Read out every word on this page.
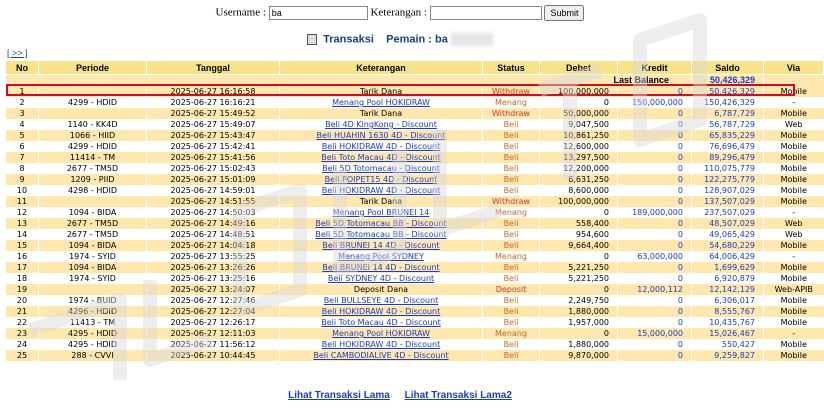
Username : ba	Keterangan :	Submit
Transaksi Pemain : ba
[ >> ]
No	Periode	Tanggal	Keterangan	Status	Debet	Kredit	Saldo	Via
Last Balance							50,426,329	
1		2025-06-27 16:16:58	Tarik Dana	Withdraw	100,000,000	0	50,426,329	Mobile
2	4299 - HDID	2025-06-27 16:16:21	Menang Pool HOKIDRAW	Menang	0	150,000,000	150,426,329	-
3		2025-06-27 15:49:52	Tarik Dana	Withdraw	50,000,000	0	6,787,729	Mobile
4	1140 - KK4D	2025-06-27 15:49:07	Beli 4D KingKong - Discount	Beli	9,047,500	0	56,787,729	Web
5	1066 - HIID	2025-06-27 15:43:47	Beli HUAHIN 1630 4D - Discount	Beli	10,861,250	0	65,835,229	Mobile
6	4299 - HDID	2025-06-27 15:42:41	Beli HOKIDRAW 4D - Discount	Beli	12,600,000	0	76,696,479	Mobile
7	11414 - TM	2025-06-27 15:41:56	Beli Toto Macau 4D - Discount	Beli	13,297,500	0	89,296,479	Mobile
8	2677 - TM5D	2025-06-27 15:02:43	Beli 5D Totomacau - Discount	Beli	12,200,000	0	110,075,779	Mobile
9	1209 - PIID	2025-06-27 15:01:09	Beli POIPET15 4D - Discount	Beli	6,631,250	0	122,275,779	Mobile
10	4298 - HDID	2025-06-27 14:59:01	Beli HOKIDRAW 4D - Discount	Beli	8,600,000	0	128,907,029	Mobile
11		2025-06-27 14:51:55	Tarik Dana	Withdraw	100,000,000	0	137,507,029	Mobile
12	1094 - BIDA	2025-06-27 14:50:03	Menang Pool BRUNEI 14	Menang	0	189,000,000	237,507,029	-
13	2677 - TM5D	2025-06-27 14:49:16	Beli 5D Totomacau BB - Discount	Beli	558,400	0	48,507,029	Web
14	2677 - TM5D	2025-06-27 14:48:51	Beli 5D Totomacau BB - Discount	Beli	954,600	0	49,065,429	Web
15	1094 - BIDA	2025-06-27 14:04:18	Beli BRUNEI 14 4D - Discount	Beli	9,664,400	0	54,680,229	Mobile
16	1974 - SYID	2025-06-27 13:55:25	Menang Pool SYDNEY	Menang	0	63,000,000	64,006,429	-
17	1094 - BIDA	2025-06-27 13:26:26	Beli BRUNEI 14 4D - Discount	Beli	5,221,250	0	1,699,629	Mobile
18	1974 - SYID	2025-06-27 13:25:16	Beli SYDNEY 4D - Discount	Beli	5,221,250	0	6,920,879	Mobile
19		2025-06-27 13:24:07	Deposit Dana	Deposit	0	12,000,112	12,142,129	Web-APIB
20	1974 - BUID	2025-06-27 12:27:46	Beli BULLSEYE 4D - Discount	Beli	2,249,750	0	6,306,017	Mobile
21	4296 - HDID	2025-06-27 12:27:04	Beli HOKIDRAW 4D - Discount	Beli	1,880,000	0	8,555,767	Mobile
22	11413 - TM	2025-06-27 12:26:17	Beli Toto Macau 4D - Discount	Beli	1,957,000	0	10,435,767	Mobile
23	4295 - HDID	2025-06-27 12:11:03	Menang Pool HOKIDRAW	Menang	0	15,000,000	15,026,467	-
24	4295 - HDID	2025-06-27 11:56:12	Beli HOKIDRAW 4D - Discount	Beli	1,880,000	0	550,427	Mobile
25	288 - CVVI	2025-06-27 10:44:45	Beli CAMBODIALIVE 4D - Discount	Beli	9,870,000	0	9,259,827	Mobile
Lihat Transaksi Lama Lihat Transaksi Lama2
